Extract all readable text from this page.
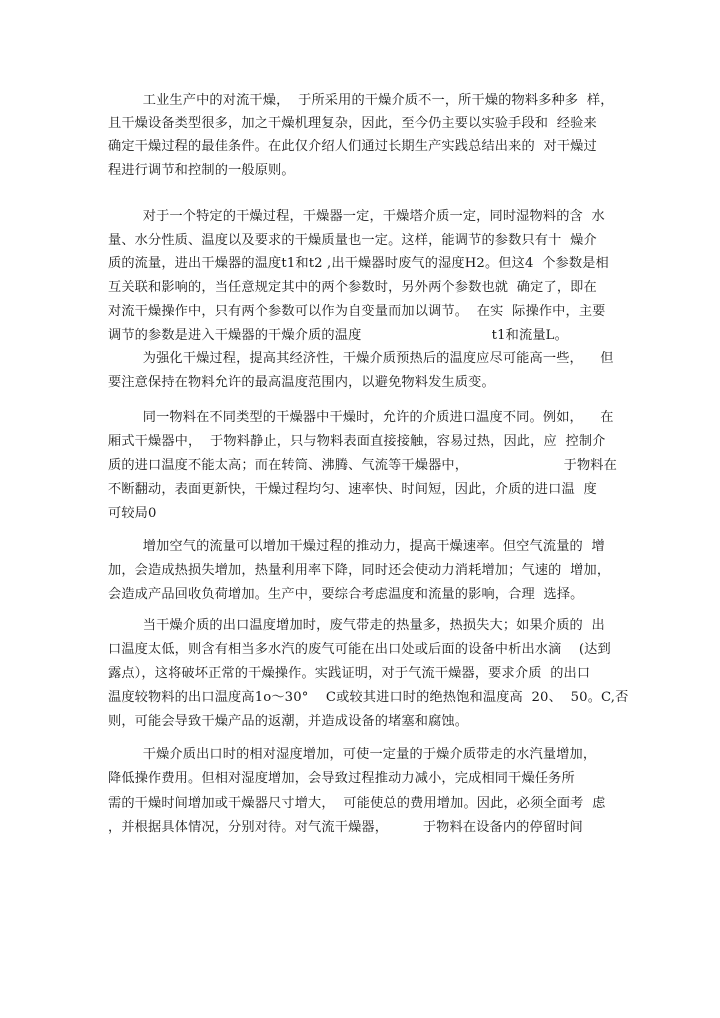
工业生产中的对流干燥，  于所采用的干燥介质不一，所干燥的物料多种多  样，
且干燥设备类型很多，加之干燥机理复杂，因此，至今仍主要以实验手段和  经验来
确定干燥过程的最佳条件。在此仅介绍人们通过长期生产实践总结出来的  对干燥过
程进行调节和控制的一般原则。
对于一个特定的干燥过程，干燥器一定，干燥塔介质一定，同时湿物料的含  水
量、水分性质、温度以及要求的干燥质量也一定。这样，能调节的参数只有十  燥介
质的流量，进出干燥器的温度t1和t2 ,出干燥器时废气的湿度H2。但这4  个参数是相
互关联和影响的，当任意规定其中的两个参数时，另外两个参数也就  确定了，即在
对流干燥操作中，只有两个参数可以作为自变量而加以调节。  在实  际操作中，主要
调节的参数是进入干燥器的干燥介质的温度                              t1和流量L。
为强化干燥过程，提高其经济性，干燥介质预热后的温度应尽可能高一些，    但
要注意保持在物料允许的最高温度范围内，以避免物料发生质变。
同一物料在不同类型的干燥器中干燥时，允许的介质进口温度不同。例如，    在
厢式干燥器中，  于物料静止，只与物料表面直接接触，容易过热，因此，应  控制介
质的进口温度不能太高；而在转筒、沸腾、气流等干燥器中，                      于物料在
不断翻动，表面更新快，干燥过程均匀、速率快、时间短，因此，介质的进口温  度
可较局0
增加空气的流量可以增加干燥过程的推动力，提高干燥速率。但空气流量的  增
加，会造成热损失增加，热量利用率下降，同时还会使动力消耗增加；气速的  增加，
会造成产品回收负荷增加。生产中，要综合考虑温度和流量的影响，合理  选择。
当干燥介质的出口温度增加时，废气带走的热量多，热损失大；如果介质的  出
口温度太低，则含有相当多水汽的废气可能在出口处或后面的设备中析出水滴    (达到
露点），这将破坏正常的干燥操作。实践证明，对于气流干燥器，要求介质  的出口
温度较物料的出口温度高1o〜30°    C或较其进口时的绝热饱和温度高  20、  50。C,否
则，可能会导致干燥产品的返潮，并造成设备的堵塞和腐蚀。
干燥介质出口时的相对湿度增加，可使一定量的于燥介质带走的水汽量增加，
降低操作费用。但相对湿度增加，会导致过程推动力减小，完成相同干燥任务所
需的干燥时间增加或干燥器尺寸增大，  可能使总的费用增加。因此，必须全面考  虑
，并根据具体情况，分别对待。对气流干燥器，        于物料在设备内的停留时间
